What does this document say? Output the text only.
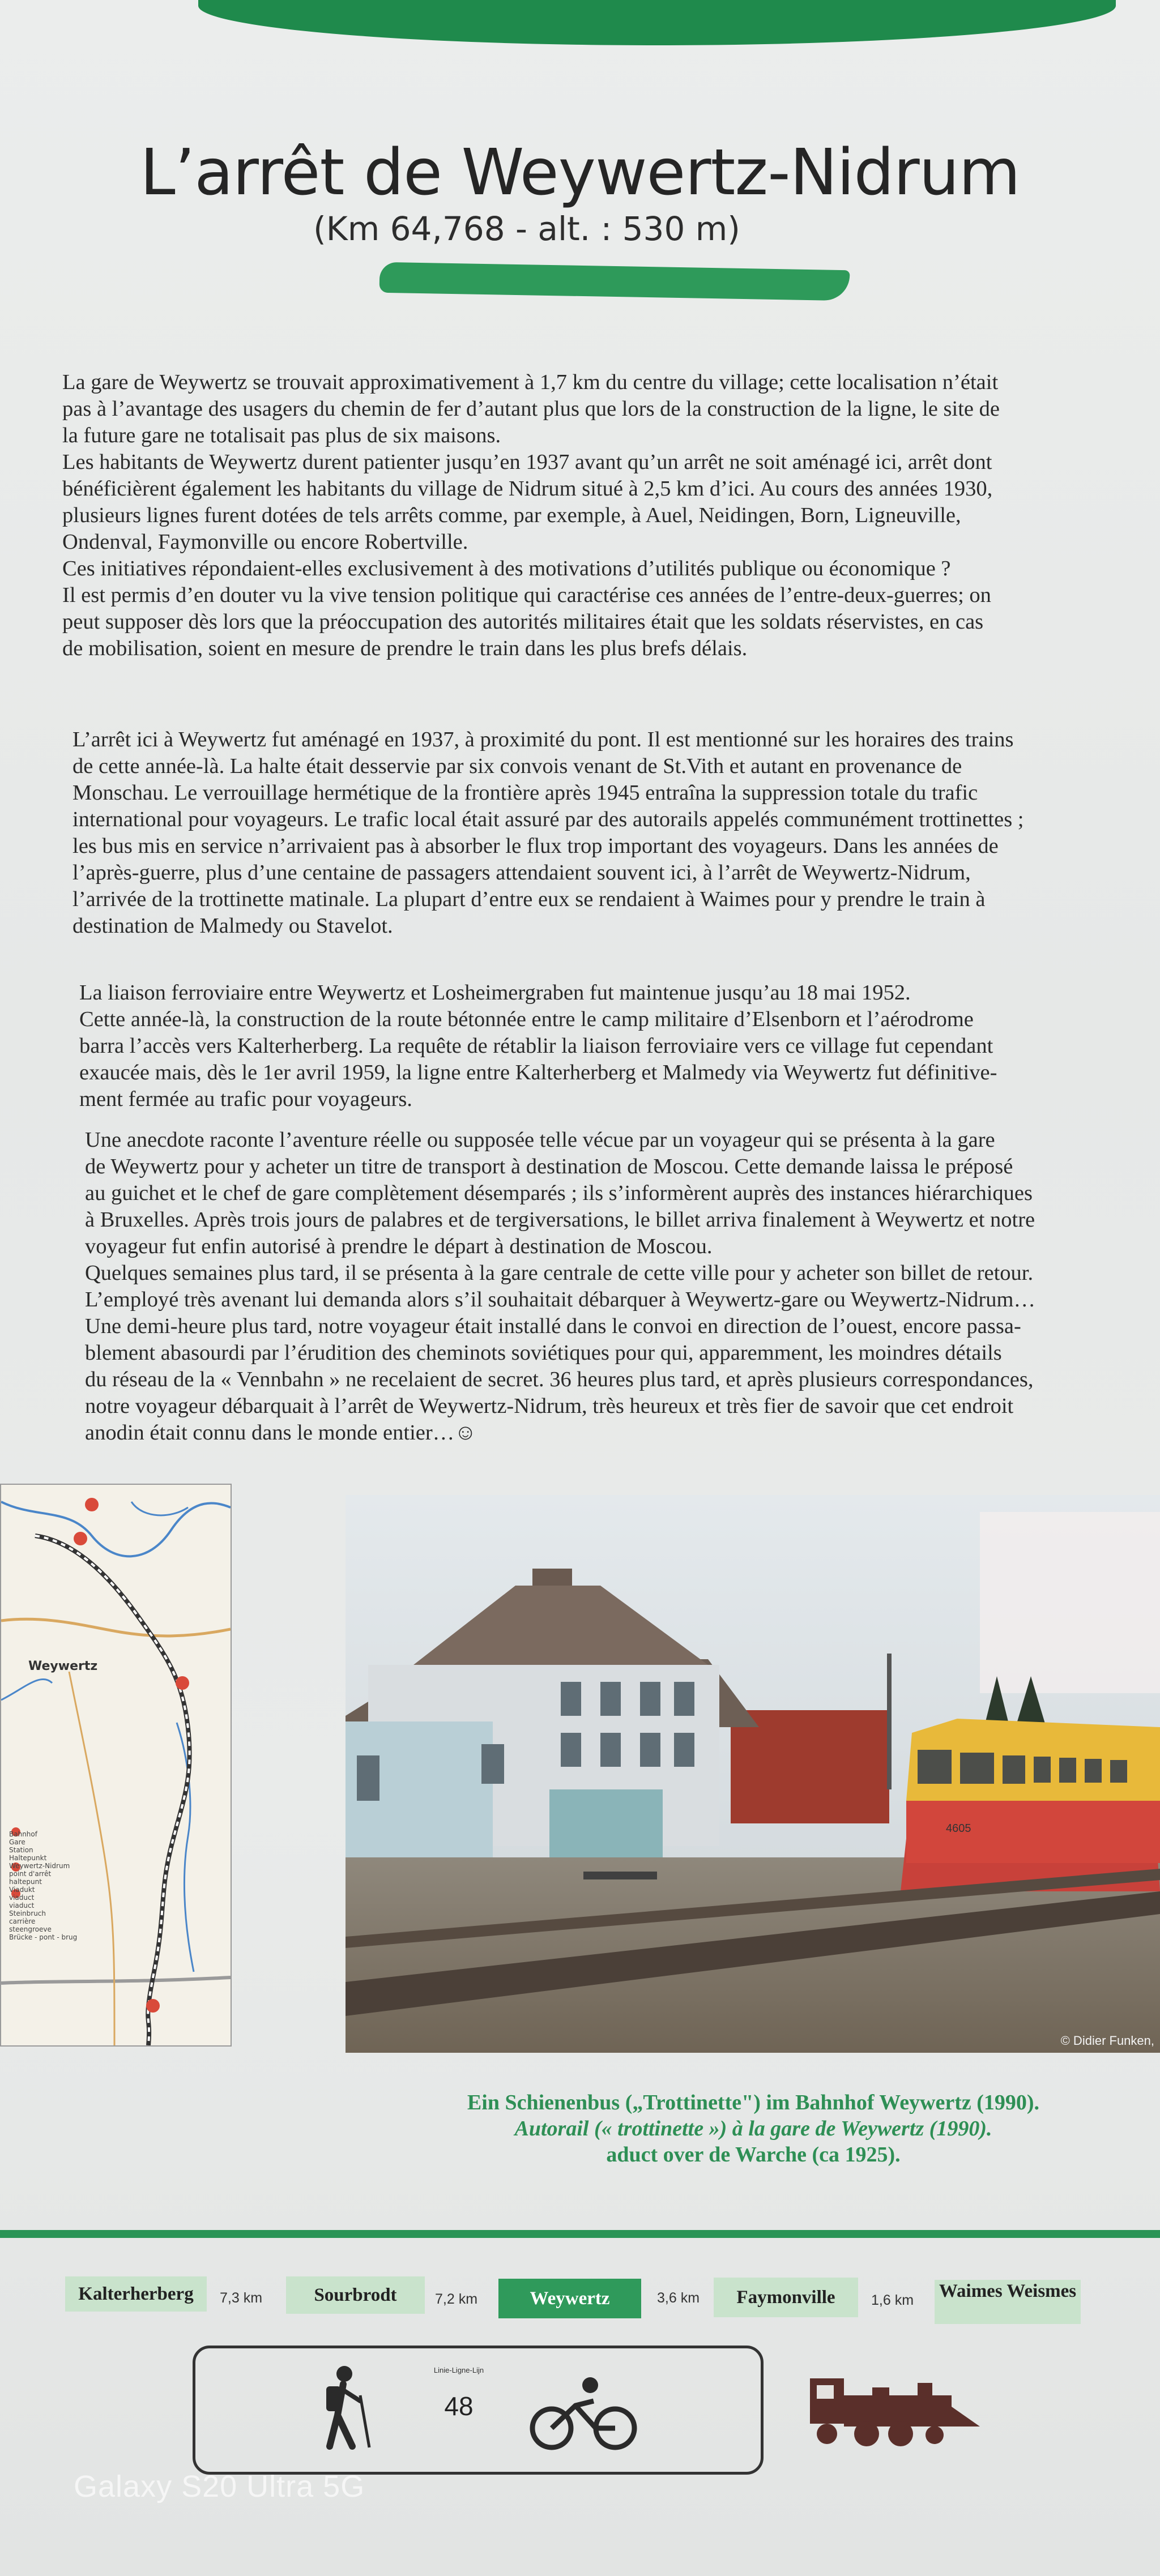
L’arrêt de Weywertz-Nidrum
(Km 64,768 - alt. : 530 m)
La gare de Weywertz se trouvait approximativement à 1,7 km du centre du village; cette localisation n’était
pas à l’avantage des usagers du chemin de fer d’autant plus que lors de la construction de la ligne, le site de
la future gare ne totalisait pas plus de six maisons.
Les habitants de Weywertz durent patienter jusqu’en 1937 avant qu’un arrêt ne soit aménagé ici, arrêt dont
bénéficièrent également les habitants du village de Nidrum situé à 2,5 km d’ici. Au cours des années 1930,
plusieurs lignes furent dotées de tels arrêts comme, par exemple, à Auel, Neidingen, Born, Ligneuville,
Ondenval, Faymonville ou encore Robertville.
Ces initiatives répondaient-elles exclusivement à des motivations d’utilités publique ou économique ?
Il est permis d’en douter vu la vive tension politique qui caractérise ces années de l’entre-deux-guerres; on
peut supposer dès lors que la préoccupation des autorités militaires était que les soldats réservistes, en cas
de mobilisation, soient en mesure de prendre le train dans les plus brefs délais.
L’arrêt ici à Weywertz fut aménagé en 1937, à proximité du pont. Il est mentionné sur les horaires des trains
de cette année-là. La halte était desservie par six convois venant de St.Vith et autant en provenance de
Monschau. Le verrouillage hermétique de la frontière après 1945 entraîna la suppression totale du trafic
international pour voyageurs. Le trafic local était assuré par des autorails appelés communément trottinettes ;
les bus mis en service n’arrivaient pas à absorber le flux trop important des voyageurs. Dans les années de
l’après-guerre, plus d’une centaine de passagers attendaient souvent ici, à l’arrêt de Weywertz-Nidrum,
l’arrivée de la trottinette matinale. La plupart d’entre eux se rendaient à Waimes pour y prendre le train à
destination de Malmedy ou Stavelot.
La liaison ferroviaire entre Weywertz et Losheimergraben fut maintenue jusqu’au 18 mai 1952.
Cette année-là, la construction de la route bétonnée entre le camp militaire d’Elsenborn et l’aérodrome
barra l’accès vers Kalterherberg. La requête de rétablir la liaison ferroviaire vers ce village fut cependant
exaucée mais, dès le 1er avril 1959, la ligne entre Kalterherberg et Malmedy via Weywertz fut définitive-
ment fermée au trafic pour voyageurs.
Une anecdote raconte l’aventure réelle ou supposée telle vécue par un voyageur qui se présenta à la gare
de Weywertz pour y acheter un titre de transport à destination de Moscou. Cette demande laissa le préposé
au guichet et le chef de gare complètement désemparés ; ils s’informèrent auprès des instances hiérarchiques
à Bruxelles. Après trois jours de palabres et de tergiversations, le billet arriva finalement à Weywertz et notre
voyageur fut enfin autorisé à prendre le départ à destination de Moscou.
Quelques semaines plus tard, il se présenta à la gare centrale de cette ville pour y acheter son billet de retour.
L’employé très avenant lui demanda alors s’il souhaitait débarquer à Weywertz-gare ou Weywertz-Nidrum…
Une demi-heure plus tard, notre voyageur était installé dans le convoi en direction de l’ouest, encore passa-
blement abasourdi par l’érudition des cheminots soviétiques pour qui, apparemment, les moindres détails
du réseau de la « Vennbahn » ne recelaient de secret. 36 heures plus tard, et après plusieurs correspondances,
notre voyageur débarquait à l’arrêt de Weywertz-Nidrum, très heureux et très fier de savoir que cet endroit
anodin était connu dans le monde entier…☺
Weywertz
Bahnhof
Gare
Station
Haltepunkt
Weywertz-Nidrum
point d'arrêt
haltepunt
Viadukt
viaduct
viaduct
Steinbruch
carrière
steengroeve
Brücke - pont - brug
4605
© Didier Funken,
Ein Schienenbus („Trottinette") im Bahnhof Weywertz (1990).
Autorail (« trottinette ») à la gare de Weywertz (1990).
aduct over de Warche (ca 1925).
Kalterherberg	7,3 km	Sourbrodt	7,2 km	Weywertz	3,6 km	Faymonville	1,6 km Waimes Weismes
Linie-Ligne-Lijn
48
Galaxy S20 Ultra 5G
